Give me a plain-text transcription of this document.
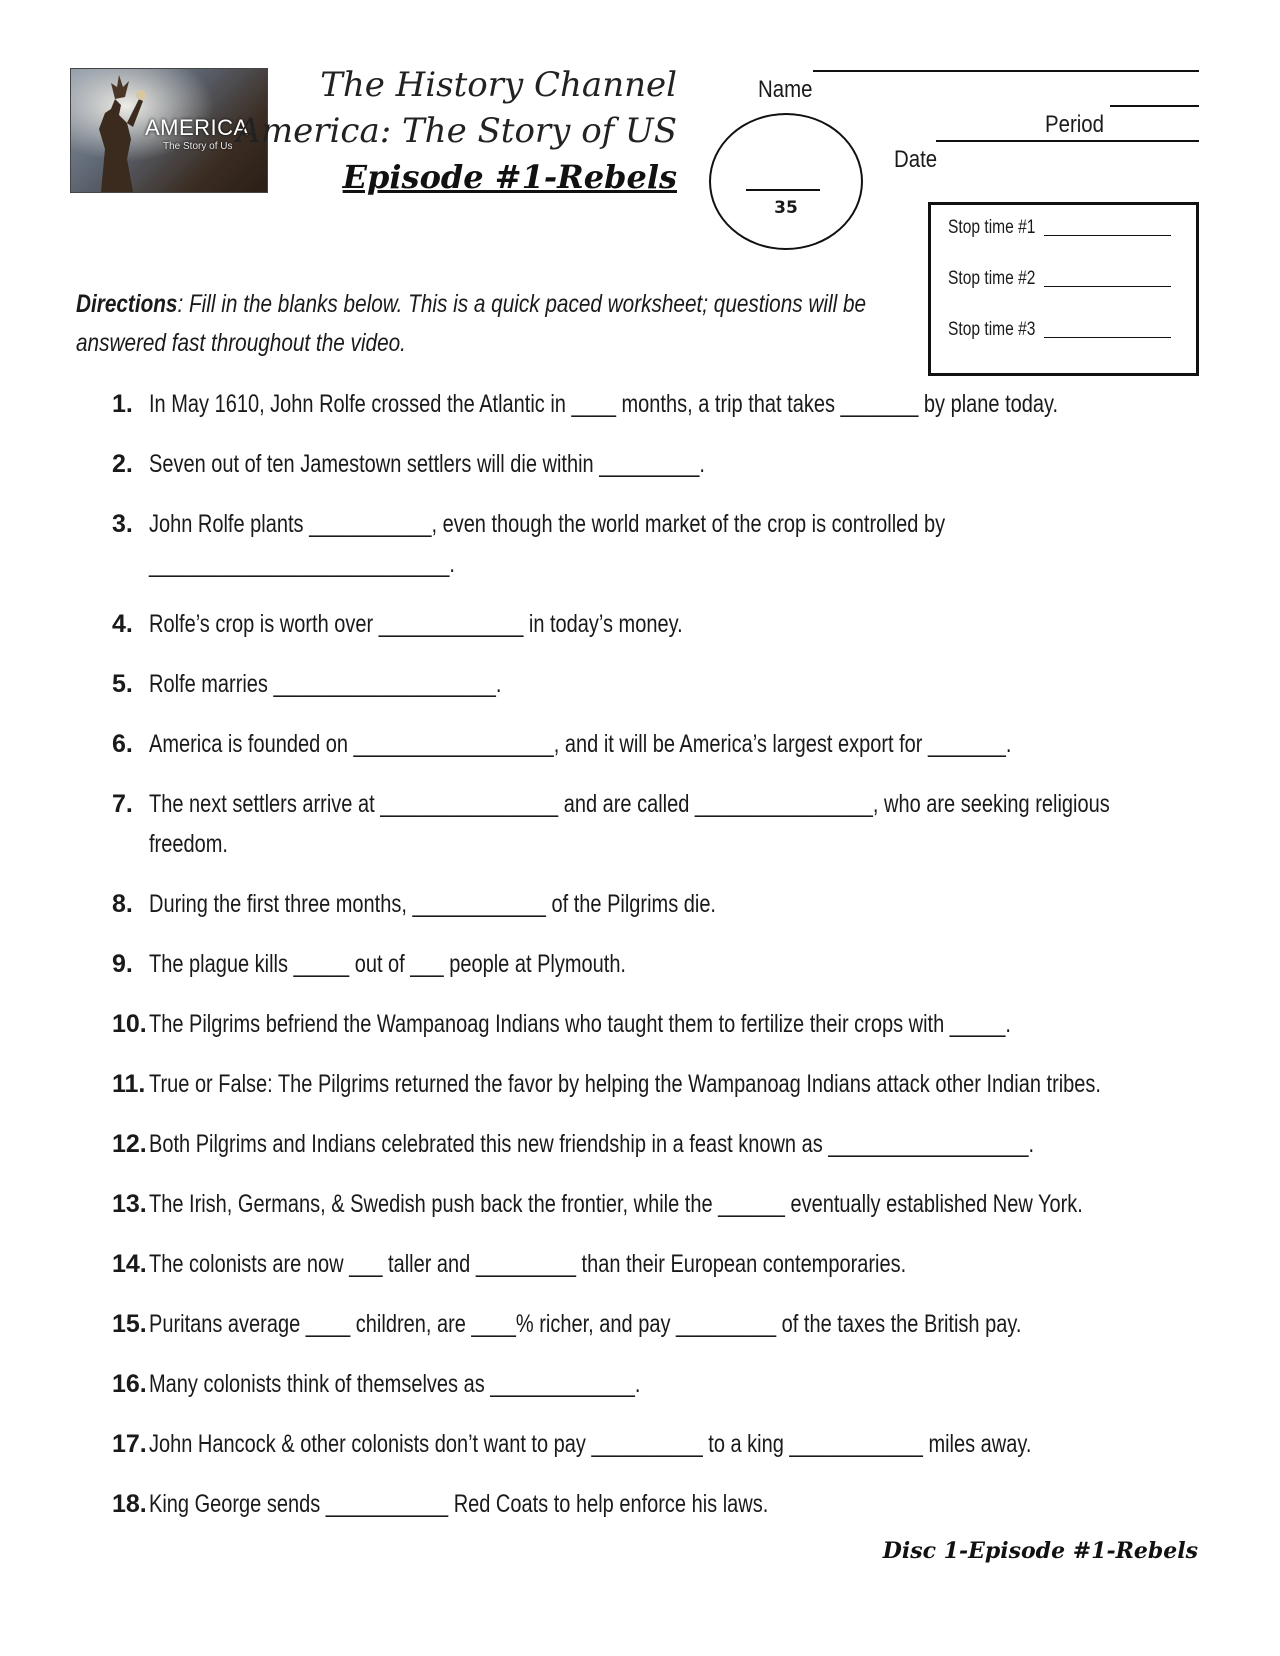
AMERICA
The Story of Us
The History Channel
America: The Story of US
Episode #1-Rebels
35
Name
Period
Date
Stop time #1
Stop time #2
Stop time #3
Directions: Fill in the blanks below. This is a quick paced worksheet; questions will be answered fast throughout the video.
1. In May 1610, John Rolfe crossed the Atlantic in ____ months, a trip that takes _______ by plane today.
2. Seven out of ten Jamestown settlers will die within _________.
3. John Rolfe plants ___________, even though the world market of the crop is controlled by
___________________________.
4. Rolfe’s crop is worth over _____________ in today’s money.
5. Rolfe marries ____________________.
6. America is founded on __________________, and it will be America’s largest export for _______.
7. The next settlers arrive at ________________ and are called ________________, who are seeking religious
freedom.
8. During the first three months, ____________ of the Pilgrims die.
9. The plague kills _____ out of ___ people at Plymouth.
10. The Pilgrims befriend the Wampanoag Indians who taught them to fertilize their crops with _____.
11. True or False: The Pilgrims returned the favor by helping the Wampanoag Indians attack other Indian tribes.
12. Both Pilgrims and Indians celebrated this new friendship in a feast known as __________________.
13. The Irish, Germans, & Swedish push back the frontier, while the ______ eventually established New York.
14. The colonists are now ___ taller and _________ than their European contemporaries.
15. Puritans average ____ children, are ____% richer, and pay _________ of the taxes the British pay.
16. Many colonists think of themselves as _____________.
17. John Hancock & other colonists don’t want to pay __________ to a king ____________ miles away.
18. King George sends ___________ Red Coats to help enforce his laws.
Disc 1-Episode #1-Rebels
